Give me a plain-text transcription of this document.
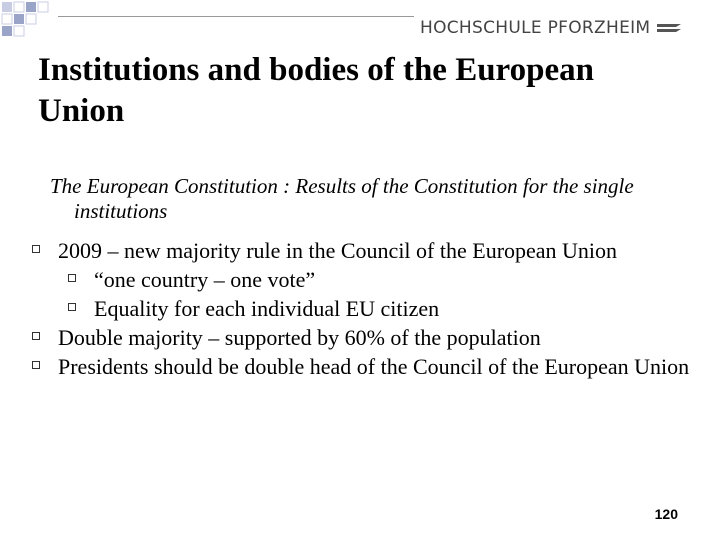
HOCHSCHULE PFORZHEIM
Institutions and bodies of the European Union
The European Constitution : Results of the Constitution for the single institutions
2009 – new majority rule in the Council of the European Union
“one country – one vote”
Equality for each individual EU citizen
Double majority – supported by 60% of the population
Presidents should be double head of the Council of the European Union
120
